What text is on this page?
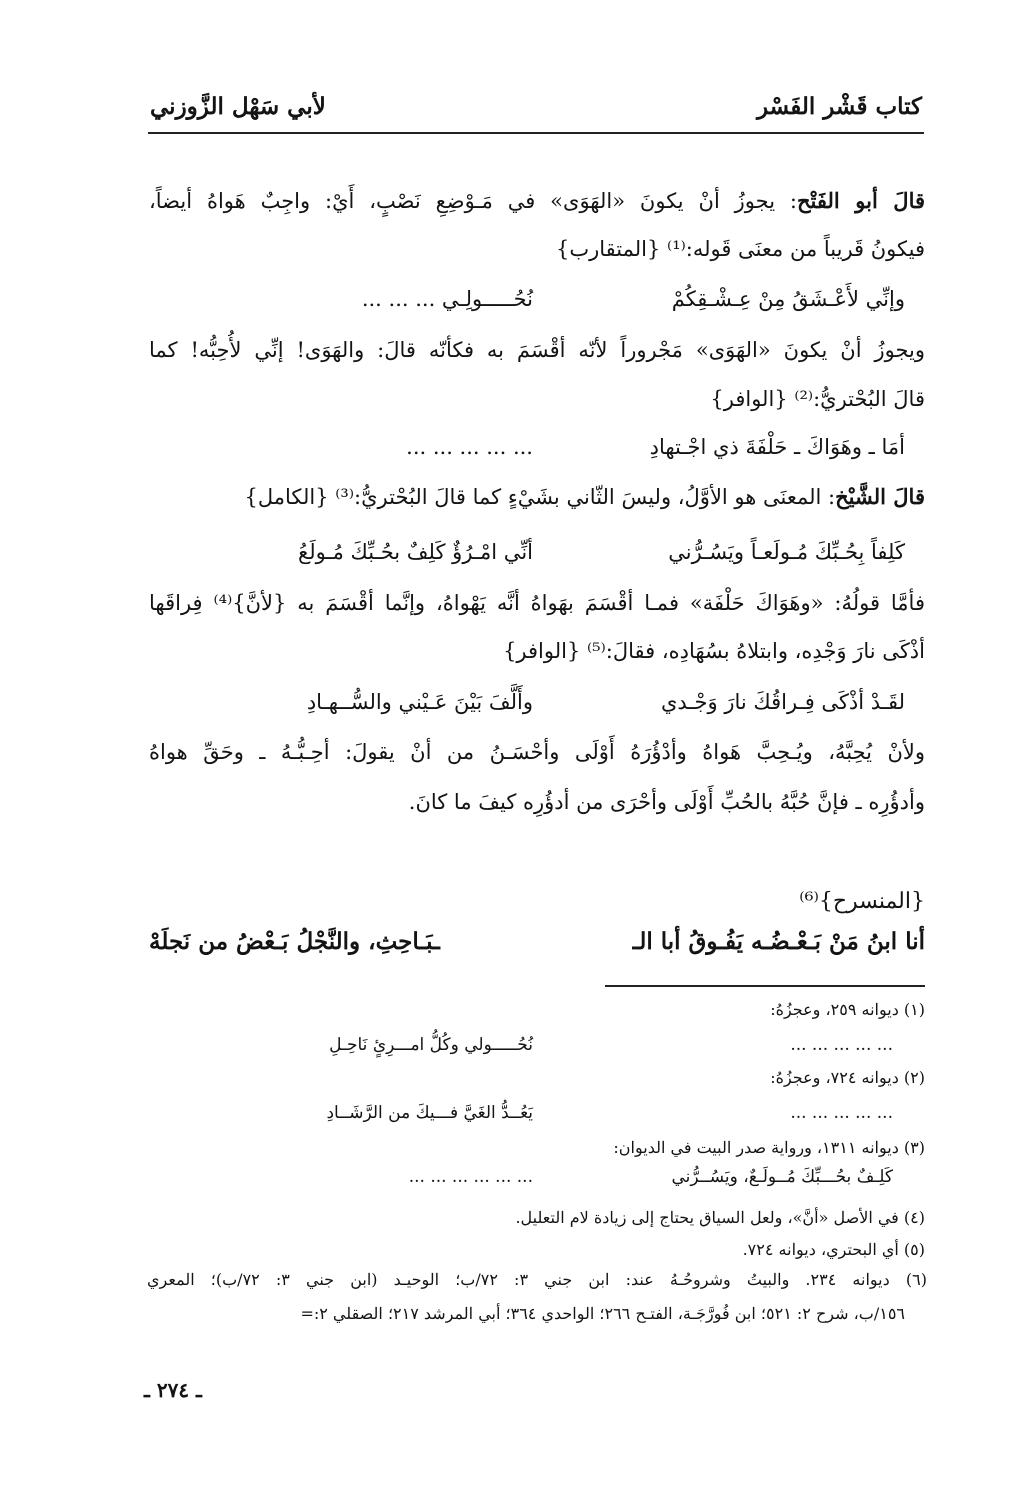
كتاب قَشْر الفَسْر
لأبي سَهْل الزَّوزني
قالَ أبو الفَتْح: يجوزُ أنْ يكونَ «الهَوَى» في مَـوْضِعِ نَصْبٍ، أَيْ: واجِبٌ هَواهُ أيضاً،
فيكونُ قَريباً من معنَى قَوله:⁽¹⁾ {المتقارب}
وإنِّي لأَعْـشَقُ مِنْ عِـشْـقِكُمْ
نُحُـــــولِـي ... ... ...
ويجوزُ أنْ يكونَ «الهَوَى» مَجْروراً لأنّه أقْسَمَ به فكأنّه قالَ: والهَوَى! إنِّي لأُحِبُّه! كما
قالَ البُحْتريُّ:⁽²⁾ {الوافر}
أمَا ـ وهَوَاكَ ـ حَلْفَةَ ذي اجْـتهادِ
... ... ... ... ...
قالَ الشَّيْخ: المعنَى هو الأوَّلُ، وليسَ الثّاني بشَيْءٍ كما قالَ البُحْتريُّ:⁽³⁾ {الكامل}
كَلِفاً بِحُـبِّكَ مُـولَعـاً ويَسُـرُّني
أنِّي امْـرُؤٌ كَلِفٌ بحُـبِّكَ مُـولَعُ
فأمَّا قولُهُ: «وهَوَاكَ حَلْفَة» فمـا أقْسَمَ بهَواهُ أنَّه يَهْواهُ، وإنَّما أقْسَمَ به {لأنَّ}⁽⁴⁾ فِراقَها
أذْكَى نارَ وَجْدِه، وابتلاهُ بسُهَادِه، فقالَ:⁽⁵⁾ {الوافر}
لقَـدْ أذْكَى فِـراقُكَ نارَ وَجْـدي
وأَلَّفَ بَيْنَ عَـيْني والسُّــهـادِ
ولأنْ يُحِبَّهُ، ويُـحِبَّ هَواهُ وأدْؤُرَهُ أَوْلَى وأحْسَـنُ من أنْ يقولَ: أحِـبُّـهُ ـ وحَقِّ هواهُ
وأدؤُرِه ـ فإنَّ حُبَّهُ بالحُبِّ أَوْلَى وأحْرَى من أدؤُرِه كيفَ ما كانَ.
{المنسرح}⁽⁶⁾
أنا ابنُ مَنْ بَـعْـضُـه يَفُـوقُ أبا الـ
ـبَـاحِثِ، والنَّجْلُ بَـعْضُ من نَجلَهْ
(١) ديوانه ٢٥٩، وعجزُهُ:
... ... ... ... ...
نُحُـــــولي وكُلُّ امـــرِئٍ نَاحِـلِ
(٢) ديوانه ٧٢٤، وعجزُهُ:
... ... ... ... ...
يَعُــدُّ الغَيَّ فـــيكَ من الرَّشَــادِ
(٣) ديوانه ١٣١١، ورواية صدر البيت في الديوان:
كَلِـفٌ بحُـــبِّكَ مُــولَـعٌ، ويَسُــرُّني
... ... ... ... ... ...
(٤) في الأصل «أنَّ»، ولعل السياق يحتاج إلى زيادة لام التعليل.
(٥) أي البحتري، ديوانه ٧٢٤.
(٦) ديوانه ٢٣٤. والبيتُ وشروحُـهُ عند: ابن جني ٣: ٧٢/ب؛ الوحيـد (ابن جني ٣: ٧٢/ب)؛ المعري
١٥٦/ب، شرح ٢: ٥٢١؛ ابن فُورَّجَـة، الفتـح ٢٦٦؛ الواحدي ٣٦٤؛ أبي المرشد ٢١٧؛ الصقلي ٢:=
ـ ٢٧٤ ـ
